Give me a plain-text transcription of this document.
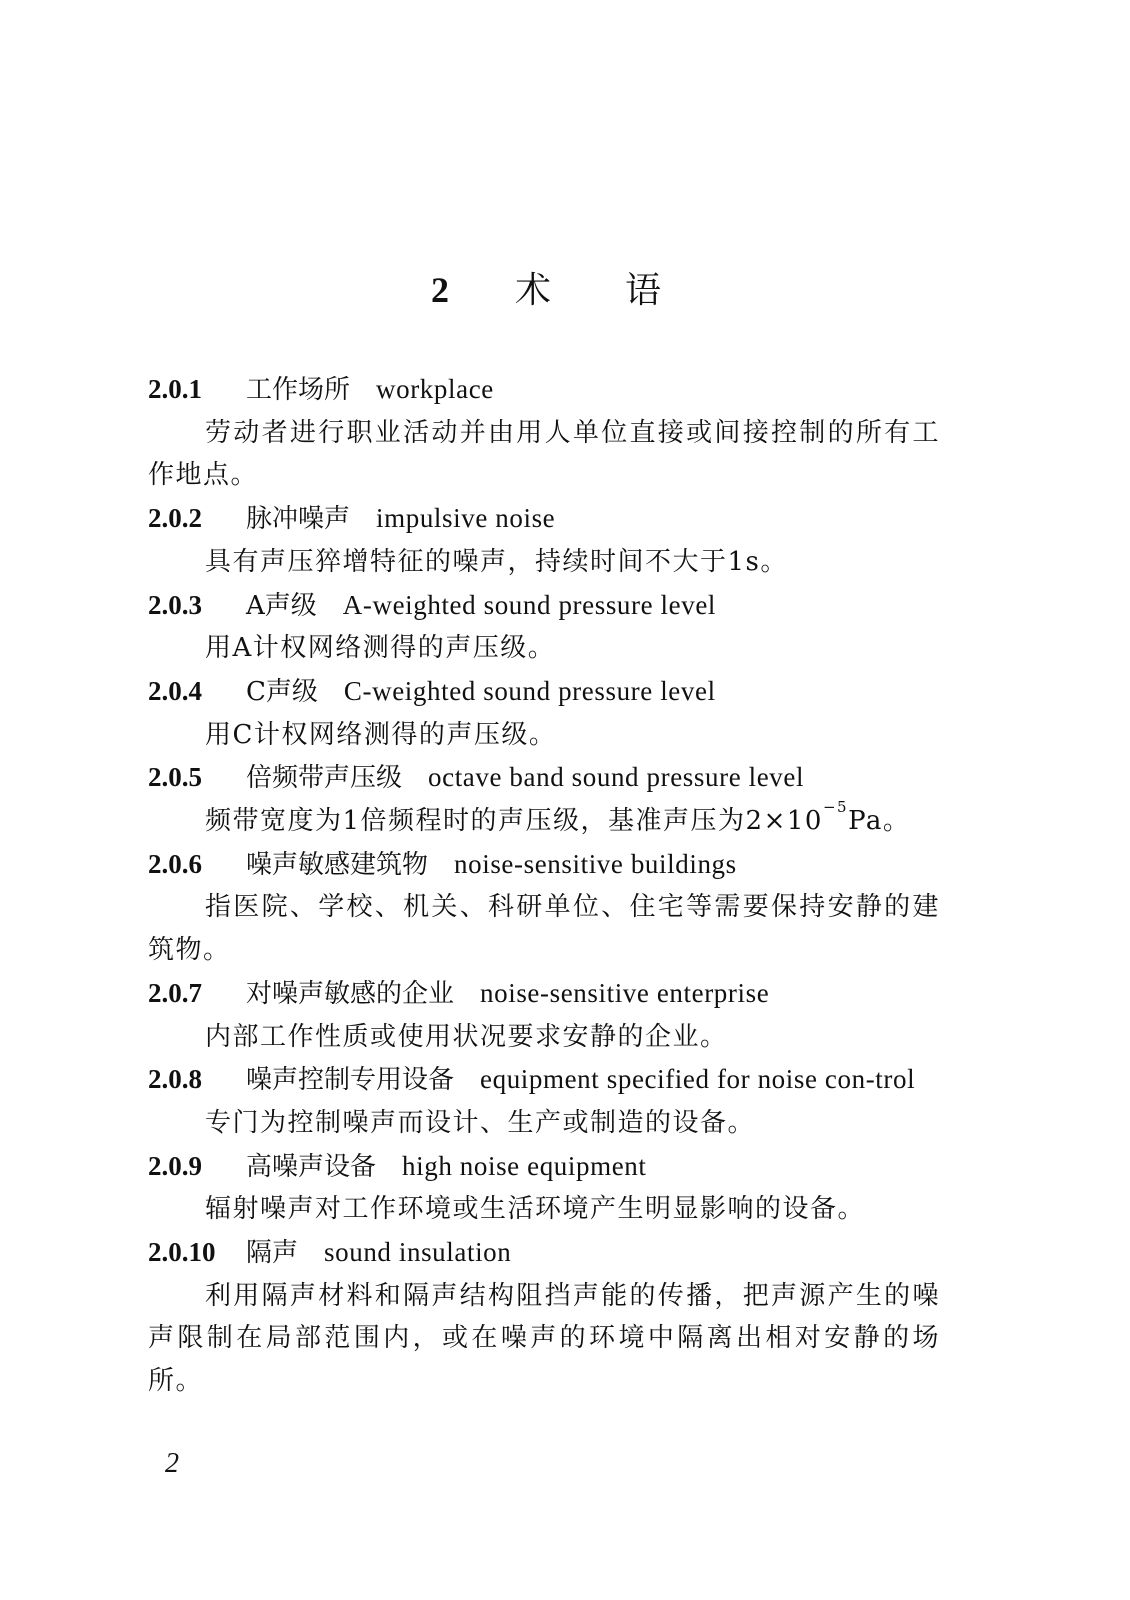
2 术 语
2.0.1 工作场所 workplace
劳动者进行职业活动并由用人单位直接或间接控制的所有工作地点。
2.0.2 脉冲噪声 impulsive noise
具有声压猝增特征的噪声，持续时间不大于1s。
2.0.3 A声级 A-weighted sound pressure level
用A计权网络测得的声压级。
2.0.4 C声级 C-weighted sound pressure level
用C计权网络测得的声压级。
2.0.5 倍频带声压级 octave band sound pressure level
频带宽度为1倍频程时的声压级，基准声压为$2\times 10^{-5}Pa$。
2.0.6 噪声敏感建筑物 noise-sensitive buildings
指医院、学校、机关、科研单位、住宅等需要保持安静的建筑物。
2.0.7 对噪声敏感的企业 noise-sensitive enterprise
内部工作性质或使用状况要求安静的企业。
2.0.8 噪声控制专用设备 equipment specified for noise con-trol
专门为控制噪声而设计、生产或制造的设备。
2.0.9 高噪声设备 high noise equipment
辐射噪声对工作环境或生活环境产生明显影响的设备。
2.0.10 隔声 sound insulation
利用隔声材料和隔声结构阻挡声能的传播，把声源产生的噪声限制在局部范围内，或在噪声的环境中隔离出相对安静的场所。
2
